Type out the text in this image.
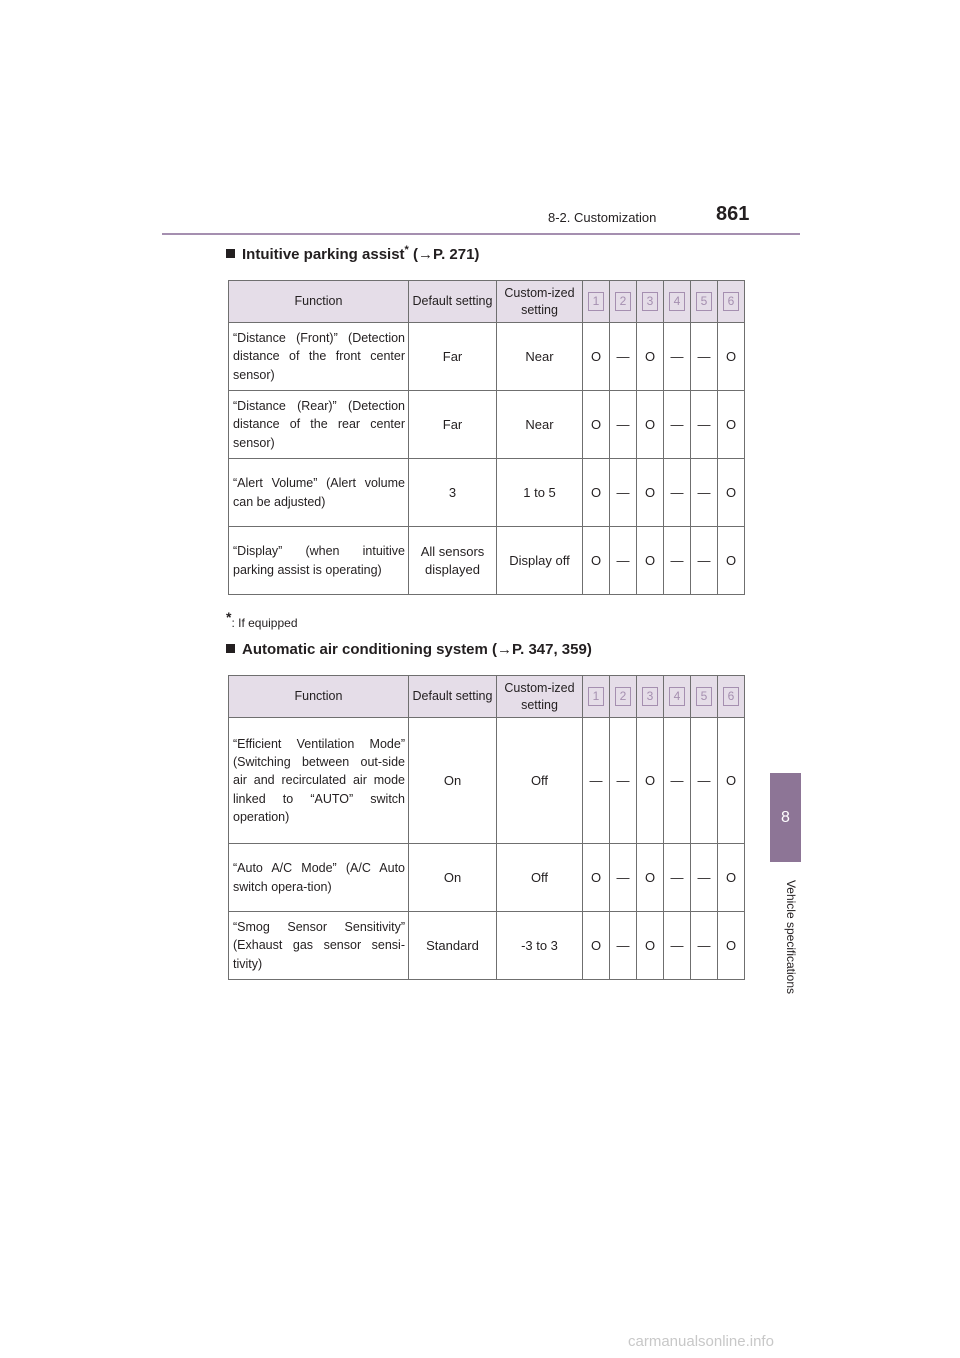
8-2. Customization	861
8
Vehicle specifications
Intuitive parking assist* (→P. 271)
Function	Default setting	Custom-ized setting	1	2	3	4	5	6
“Distance (Front)” (Detection distance of the front center sensor)	Far	Near	O	—	O	—	—	O
“Distance (Rear)” (Detection distance of the rear center sensor)	Far	Near	O	—	O	—	—	O
“Alert Volume” (Alert volume can be adjusted)	3	1 to 5	O	—	O	—	—	O
“Display” (when intuitive parking assist is operating)	All sensors displayed	Display off	O	—	O	—	—	O
*: If equipped
Automatic air conditioning system (→P. 347, 359)
Function	Default setting	Custom-ized setting	1	2	3	4	5	6
“Efficient Ventilation Mode” (Switching between out-side air and recirculated air mode linked to “AUTO” switch operation)	On	Off	—	—	O	—	—	O
“Auto A/C Mode” (A/C Auto switch opera-tion)	On	Off	O	—	O	—	—	O
“Smog Sensor Sensitivity” (Exhaust gas sensor sensi-tivity)	Standard	-3 to 3	O	—	O	—	—	O
carmanualsonline.info
